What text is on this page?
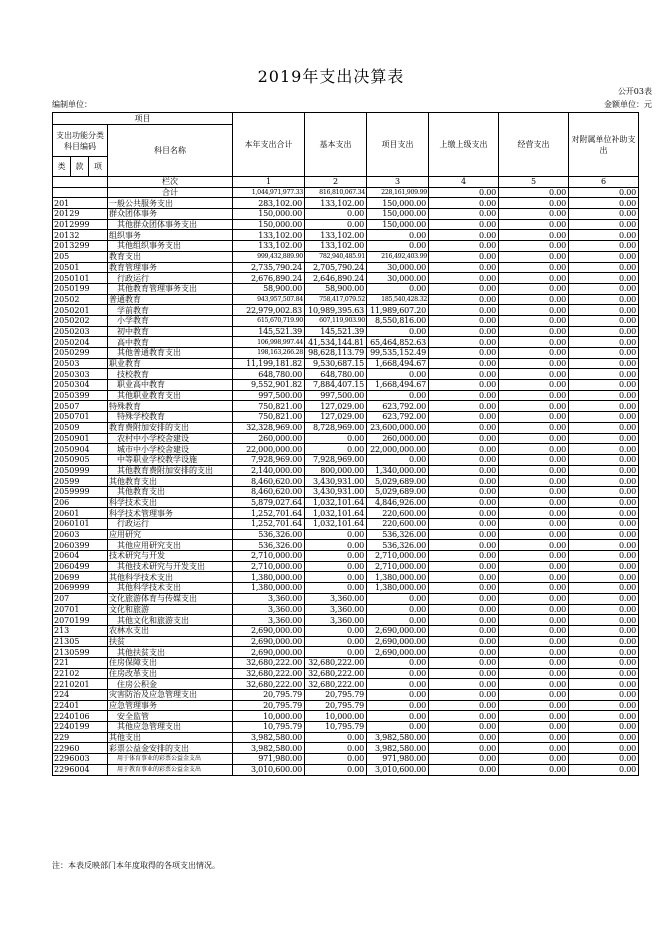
2019年支出决算表
公开03表
编制单位：	金额单位：元
项目				本年支出合计	基本支出	项目支出	上缴上级支出	经营支出	对附属单位补助支出
支出功能分类科目编码			科目名称						
类	款	项							
			栏次	1	2	3	4	5	6
			合计	1,044,971,977.33	816,810,067.34	228,161,909.99	0.00	0.00	0.00
201			一般公共服务支出	283,102.00	133,102.00	150,000.00	0.00	0.00	0.00
20129			群众团体事务	150,000.00	0.00	150,000.00	0.00	0.00	0.00
2012999			其他群众团体事务支出	150,000.00	0.00	150,000.00	0.00	0.00	0.00
20132			组织事务	133,102.00	133,102.00	0.00	0.00	0.00	0.00
2013299			其他组织事务支出	133,102.00	133,102.00	0.00	0.00	0.00	0.00
205			教育支出	999,432,889.90	782,940,485.91	216,492,403.99	0.00	0.00	0.00
20501			教育管理事务	2,735,790.24	2,705,790.24	30,000.00	0.00	0.00	0.00
2050101			行政运行	2,676,890.24	2,646,890.24	30,000.00	0.00	0.00	0.00
2050199			其他教育管理事务支出	58,900.00	58,900.00	0.00	0.00	0.00	0.00
20502			普通教育	943,957,507.84	758,417,079.52	185,540,428.32	0.00	0.00	0.00
2050201			学前教育	22,979,002.83	10,989,395.63	11,989,607.20	0.00	0.00	0.00
2050202			小学教育	615,670,719.90	607,119,903.90	8,550,816.00	0.00	0.00	0.00
2050203			初中教育	145,521.39	145,521.39	0.00	0.00	0.00	0.00
2050204			高中教育	106,998,997.44	41,534,144.81	65,464,852.63	0.00	0.00	0.00
2050299			其他普通教育支出	198,163,266.28	98,628,113.79	99,535,152.49	0.00	0.00	0.00
20503			职业教育	11,199,181.82	9,530,687.15	1,668,494.67	0.00	0.00	0.00
2050303			技校教育	648,780.00	648,780.00	0.00	0.00	0.00	0.00
2050304			职业高中教育	9,552,901.82	7,884,407.15	1,668,494.67	0.00	0.00	0.00
2050399			其他职业教育支出	997,500.00	997,500.00	0.00	0.00	0.00	0.00
20507			特殊教育	750,821.00	127,029.00	623,792.00	0.00	0.00	0.00
2050701			特殊学校教育	750,821.00	127,029.00	623,792.00	0.00	0.00	0.00
20509			教育费附加安排的支出	32,328,969.00	8,728,969.00	23,600,000.00	0.00	0.00	0.00
2050901			农村中小学校舍建设	260,000.00	0.00	260,000.00	0.00	0.00	0.00
2050904			城市中小学校舍建设	22,000,000.00	0.00	22,000,000.00	0.00	0.00	0.00
2050905			中等职业学校教学设施	7,928,969.00	7,928,969.00	0.00	0.00	0.00	0.00
2050999			其他教育费附加安排的支出	2,140,000.00	800,000.00	1,340,000.00	0.00	0.00	0.00
20599			其他教育支出	8,460,620.00	3,430,931.00	5,029,689.00	0.00	0.00	0.00
2059999			其他教育支出	8,460,620.00	3,430,931.00	5,029,689.00	0.00	0.00	0.00
206			科学技术支出	5,879,027.64	1,032,101.64	4,846,926.00	0.00	0.00	0.00
20601			科学技术管理事务	1,252,701.64	1,032,101.64	220,600.00	0.00	0.00	0.00
2060101			行政运行	1,252,701.64	1,032,101.64	220,600.00	0.00	0.00	0.00
20603			应用研究	536,326.00	0.00	536,326.00	0.00	0.00	0.00
2060399			其他应用研究支出	536,326.00	0.00	536,326.00	0.00	0.00	0.00
20604			技术研究与开发	2,710,000.00	0.00	2,710,000.00	0.00	0.00	0.00
2060499			其他技术研究与开发支出	2,710,000.00	0.00	2,710,000.00	0.00	0.00	0.00
20699			其他科学技术支出	1,380,000.00	0.00	1,380,000.00	0.00	0.00	0.00
2069999			其他科学技术支出	1,380,000.00	0.00	1,380,000.00	0.00	0.00	0.00
207			文化旅游体育与传媒支出	3,360.00	3,360.00	0.00	0.00	0.00	0.00
20701			文化和旅游	3,360.00	3,360.00	0.00	0.00	0.00	0.00
2070199			其他文化和旅游支出	3,360.00	3,360.00	0.00	0.00	0.00	0.00
213			农林水支出	2,690,000.00	0.00	2,690,000.00	0.00	0.00	0.00
21305			扶贫	2,690,000.00	0.00	2,690,000.00	0.00	0.00	0.00
2130599			其他扶贫支出	2,690,000.00	0.00	2,690,000.00	0.00	0.00	0.00
221			住房保障支出	32,680,222.00	32,680,222.00	0.00	0.00	0.00	0.00
22102			住房改革支出	32,680,222.00	32,680,222.00	0.00	0.00	0.00	0.00
2210201			住房公积金	32,680,222.00	32,680,222.00	0.00	0.00	0.00	0.00
224			灾害防治及应急管理支出	20,795.79	20,795.79	0.00	0.00	0.00	0.00
22401			应急管理事务	20,795.79	20,795.79	0.00	0.00	0.00	0.00
2240106			安全监管	10,000.00	10,000.00	0.00	0.00	0.00	0.00
2240199			其他应急管理支出	10,795.79	10,795.79	0.00	0.00	0.00	0.00
229			其他支出	3,982,580.00	0.00	3,982,580.00	0.00	0.00	0.00
22960			彩票公益金安排的支出	3,982,580.00	0.00	3,982,580.00	0.00	0.00	0.00
2296003			用于体育事业的彩票公益金支出	971,980.00	0.00	971,980.00	0.00	0.00	0.00
2296004			用于教育事业的彩票公益金支出	3,010,600.00	0.00	3,010,600.00	0.00	0.00	0.00
注：本表反映部门本年度取得的各项支出情况。
